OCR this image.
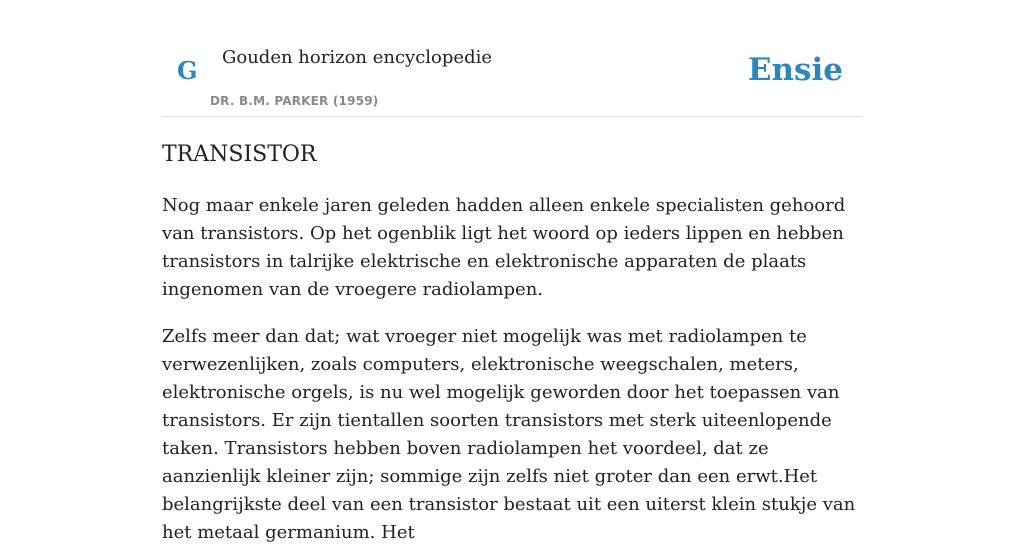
G Gouden horizon encyclopedie
DR. B.M. PARKER (1959)
Ensie
TRANSISTOR

Nog maar enkele jaren geleden hadden alleen enkele specialisten gehoord van transistors. Op het ogenblik ligt het woord op ieders lippen en hebben transistors in talrijke elektrische en elektronische apparaten de plaats ingenomen van de vroegere radiolampen.

Zelfs meer dan dat; wat vroeger niet mogelijk was met radiolampen te verwezenlijken, zoals computers, elektronische weegschalen, meters, elektronische orgels, is nu wel mogelijk geworden door het toepassen van transistors. Er zijn tientallen soorten transistors met sterk uiteenlopende taken. Transistors hebben boven radiolampen het voordeel, dat ze aanzienlijk kleiner zijn; sommige zijn zelfs niet groter dan een erwt.Het belangrijkste deel van een transistor bestaat uit een uiterst klein stukje van het metaal germanium. Het
